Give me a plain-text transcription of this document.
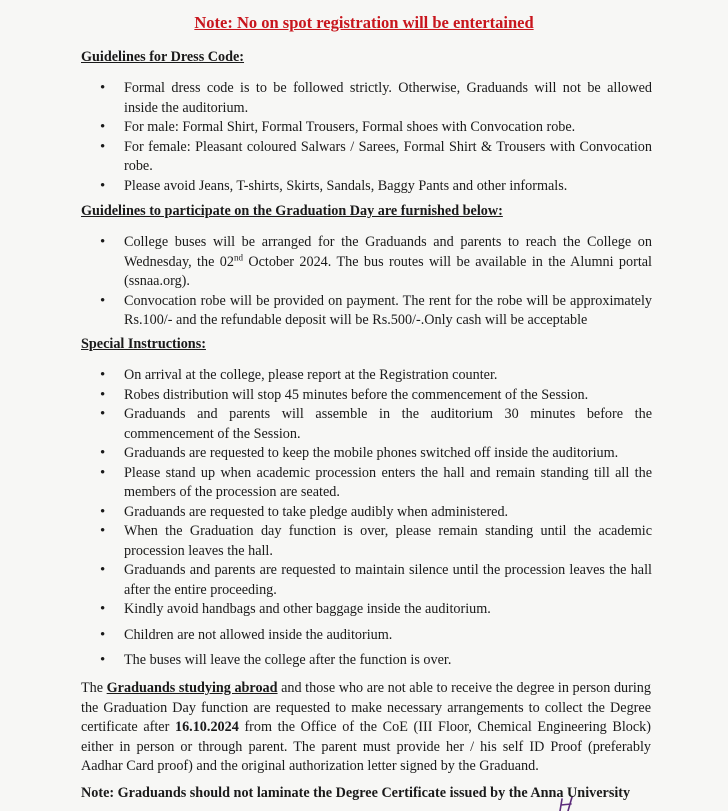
Note: No on spot registration will be entertained
Guidelines for Dress Code:
• Formal dress code is to be followed strictly. Otherwise, Graduands will not be allowed inside the auditorium.
• For male: Formal Shirt, Formal Trousers, Formal shoes with Convocation robe.
• For female: Pleasant coloured Salwars / Sarees, Formal Shirt & Trousers with Convocation robe.
• Please avoid Jeans, T-shirts, Skirts, Sandals, Baggy Pants and other informals.
Guidelines to participate on the Graduation Day are furnished below:
• College buses will be arranged for the Graduands and parents to reach the College on Wednesday, the 02nd October 2024. The bus routes will be available in the Alumni portal (ssnaa.org).
• Convocation robe will be provided on payment. The rent for the robe will be approximately Rs.100/- and the refundable deposit will be Rs.500/-.Only cash will be acceptable
Special Instructions:
• On arrival at the college, please report at the Registration counter.
• Robes distribution will stop 45 minutes before the commencement of the Session.
• Graduands and parents will assemble in the auditorium 30 minutes before the commencement of the Session.
• Graduands are requested to keep the mobile phones switched off inside the auditorium.
• Please stand up when academic procession enters the hall and remain standing till all the members of the procession are seated.
• Graduands are requested to take pledge audibly when administered.
• When the Graduation day function is over, please remain standing until the academic procession leaves the hall.
• Graduands and parents are requested to maintain silence until the procession leaves the hall after the entire proceeding.
• Kindly avoid handbags and other baggage inside the auditorium.
• Children are not allowed inside the auditorium.
• The buses will leave the college after the function is over.

The Graduands studying abroad and those who are not able to receive the degree in person during the Graduation Day function are requested to make necessary arrangements to collect the Degree certificate after 16.10.2024 from the Office of the CoE (III Floor, Chemical Engineering Block) either in person or through parent. The parent must provide her / his self ID Proof (preferably Aadhar Card proof) and the original authorization letter signed by the Graduand.

Note: Graduands should not laminate the Degree Certificate issued by the Anna University
